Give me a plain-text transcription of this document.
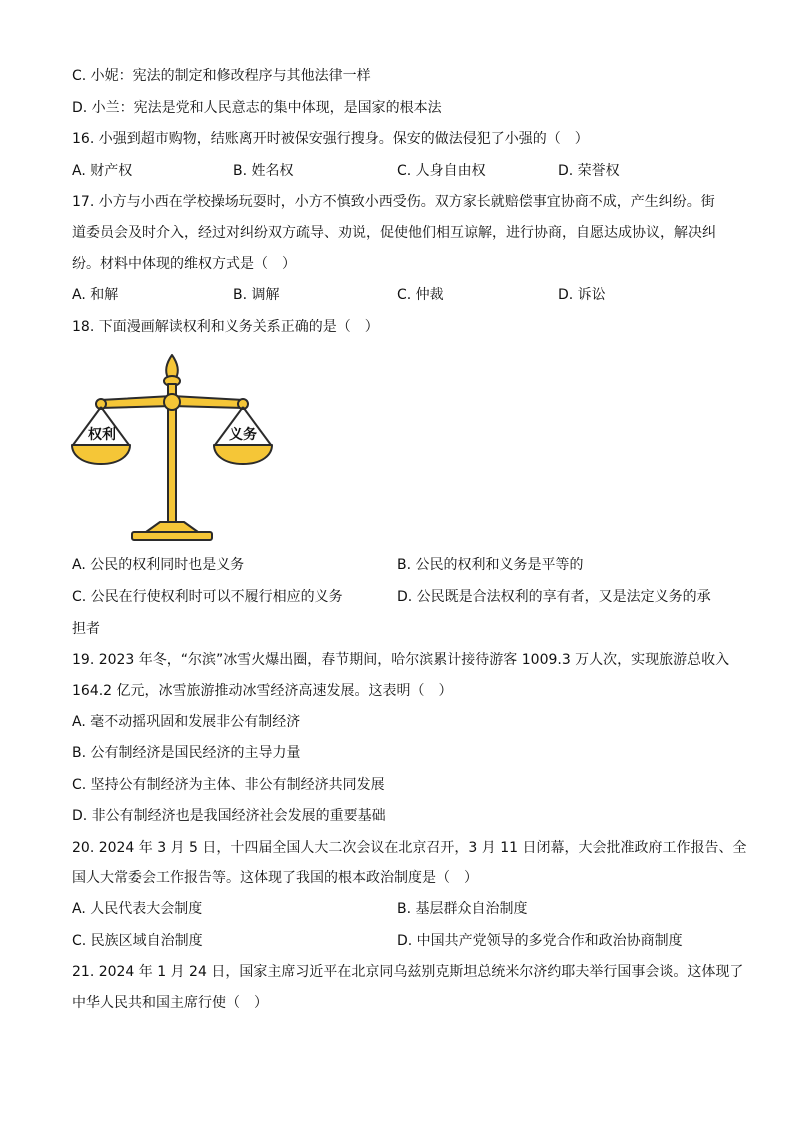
C. 小妮：宪法的制定和修改程序与其他法律一样
D. 小兰：宪法是党和人民意志的集中体现，是国家的根本法
16. 小强到超市购物，结账离开时被保安强行搜身。保安的做法侵犯了小强的（　）
A. 财产权	B. 姓名权	C. 人身自由权	D. 荣誉权
17. 小方与小西在学校操场玩耍时，小方不慎致小西受伤。双方家长就赔偿事宜协商不成，产生纠纷。街
道委员会及时介入，经过对纠纷双方疏导、劝说，促使他们相互谅解，进行协商，自愿达成协议，解决纠
纷。材料中体现的维权方式是（　）
A. 和解	B. 调解	C. 仲裁	D. 诉讼
18. 下面漫画解读权利和义务关系正确的是（　）
权利	义务
A. 公民的权利同时也是义务	B. 公民的权利和义务是平等的
C. 公民在行使权利时可以不履行相应的义务	D. 公民既是合法权利的享有者，又是法定义务的承
担者
19. 2023 年冬，“尔滨”冰雪火爆出圈，春节期间，哈尔滨累计接待游客 1009.3 万人次，实现旅游总收入
164.2 亿元，冰雪旅游推动冰雪经济高速发展。这表明（　）
A. 毫不动摇巩固和发展非公有制经济
B. 公有制经济是国民经济的主导力量
C. 坚持公有制经济为主体、非公有制经济共同发展
D. 非公有制经济也是我国经济社会发展的重要基础
20. 2024 年 3 月 5 日，十四届全国人大二次会议在北京召开，3 月 11 日闭幕，大会批准政府工作报告、全
国人大常委会工作报告等。这体现了我国的根本政治制度是（　）
A. 人民代表大会制度	B. 基层群众自治制度
C. 民族区域自治制度	D. 中国共产党领导的多党合作和政治协商制度
21. 2024 年 1 月 24 日，国家主席习近平在北京同乌兹别克斯坦总统米尔济约耶夫举行国事会谈。这体现了
中华人民共和国主席行使（　）
